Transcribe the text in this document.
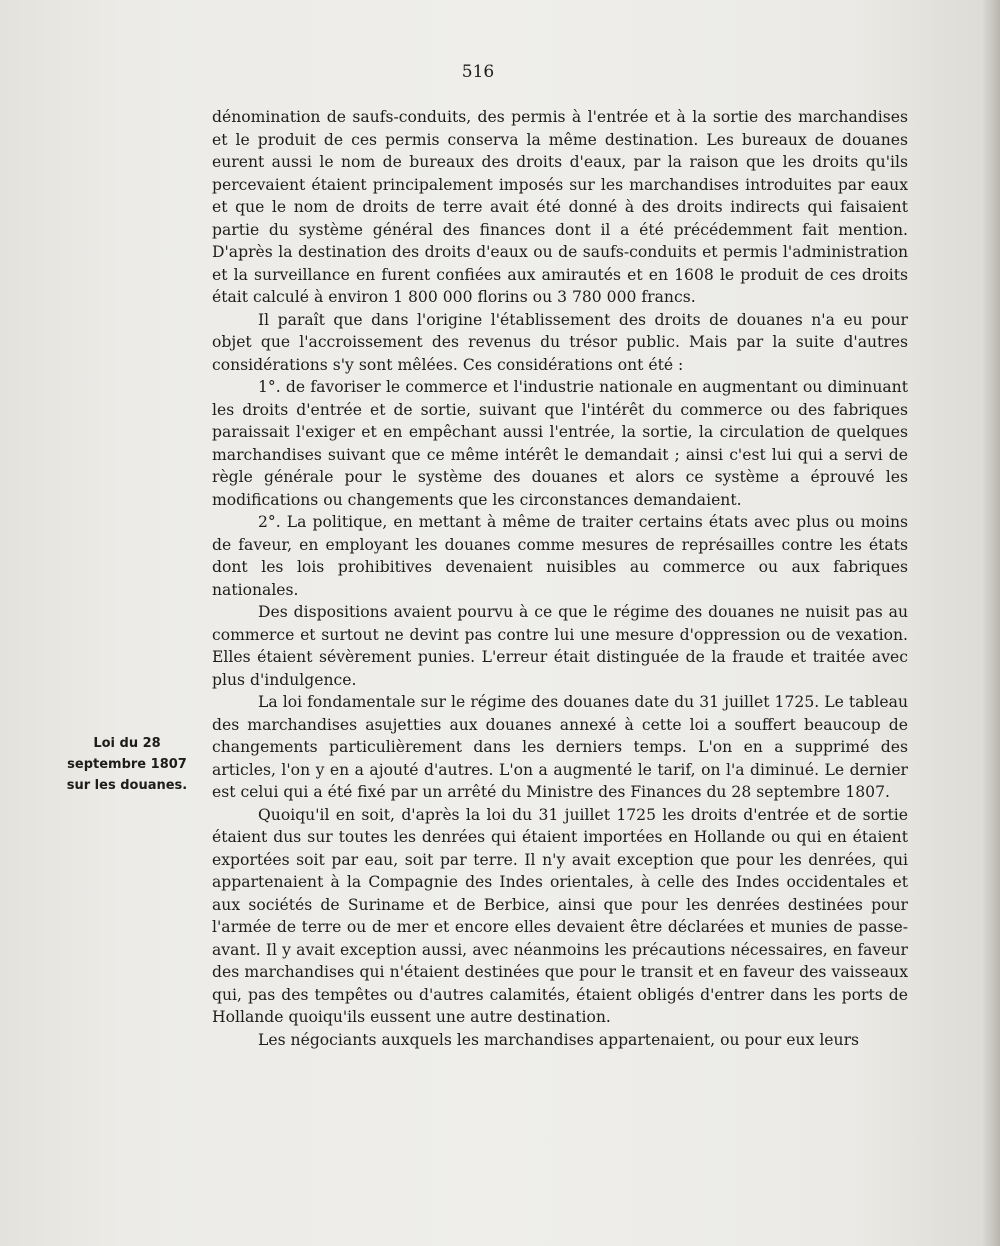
516
Loi du 28 septembre 1807 sur les douanes.

dénomination de saufs-conduits, des permis à l'entrée et à la sortie des marchandises et le produit de ces permis conserva la même destination. Les bureaux de douanes eurent aussi le nom de bureaux des droits d'eaux, par la raison que les droits qu'ils percevaient étaient principalement imposés sur les marchandises introduites par eaux et que le nom de droits de terre avait été donné à des droits indirects qui faisaient partie du système général des finances dont il a été précédemment fait mention. D'après la destination des droits d'eaux ou de saufs-conduits et permis l'administration et la surveillance en furent confiées aux amirautés et en 1608 le produit de ces droits était calculé à environ 1 800 000 florins ou 3 780 000 francs.

Il paraît que dans l'origine l'établissement des droits de douanes n'a eu pour objet que l'accroissement des revenus du trésor public. Mais par la suite d'autres considérations s'y sont mêlées. Ces considérations ont été :

1°. de favoriser le commerce et l'industrie nationale en augmentant ou diminuant les droits d'entrée et de sortie, suivant que l'intérêt du commerce ou des fabriques paraissait l'exiger et en empêchant aussi l'entrée, la sortie, la circulation de quelques marchandises suivant que ce même intérêt le demandait ; ainsi c'est lui qui a servi de règle générale pour le système des douanes et alors ce système a éprouvé les modifications ou changements que les circonstances demandaient.

2°. La politique, en mettant à même de traiter certains états avec plus ou moins de faveur, en employant les douanes comme mesures de représailles contre les états dont les lois prohibitives devenaient nuisibles au commerce ou aux fabriques nationales.

Des dispositions avaient pourvu à ce que le régime des douanes ne nuisit pas au commerce et surtout ne devint pas contre lui une mesure d'oppression ou de vexation. Elles étaient sévèrement punies. L'erreur était distinguée de la fraude et traitée avec plus d'indulgence.

La loi fondamentale sur le régime des douanes date du 31 juillet 1725. Le tableau des marchandises asujetties aux douanes annexé à cette loi a souffert beaucoup de changements particulièrement dans les derniers temps. L'on en a supprimé des articles, l'on y en a ajouté d'autres. L'on a augmenté le tarif, on l'a diminué. Le dernier est celui qui a été fixé par un arrêté du Ministre des Finances du 28 septembre 1807.

Quoiqu'il en soit, d'après la loi du 31 juillet 1725 les droits d'entrée et de sortie étaient dus sur toutes les denrées qui étaient importées en Hollande ou qui en étaient exportées soit par eau, soit par terre. Il n'y avait exception que pour les denrées, qui appartenaient à la Compagnie des Indes orientales, à celle des Indes occidentales et aux sociétés de Suriname et de Berbice, ainsi que pour les denrées destinées pour l'armée de terre ou de mer et encore elles devaient être déclarées et munies de passe-avant. Il y avait exception aussi, avec néanmoins les précautions nécessaires, en faveur des marchandises qui n'étaient destinées que pour le transit et en faveur des vaisseaux qui, pas des tempêtes ou d'autres calamités, étaient obligés d'entrer dans les ports de Hollande quoiqu'ils eussent une autre destination.

Les négociants auxquels les marchandises appartenaient, ou pour eux leurs
